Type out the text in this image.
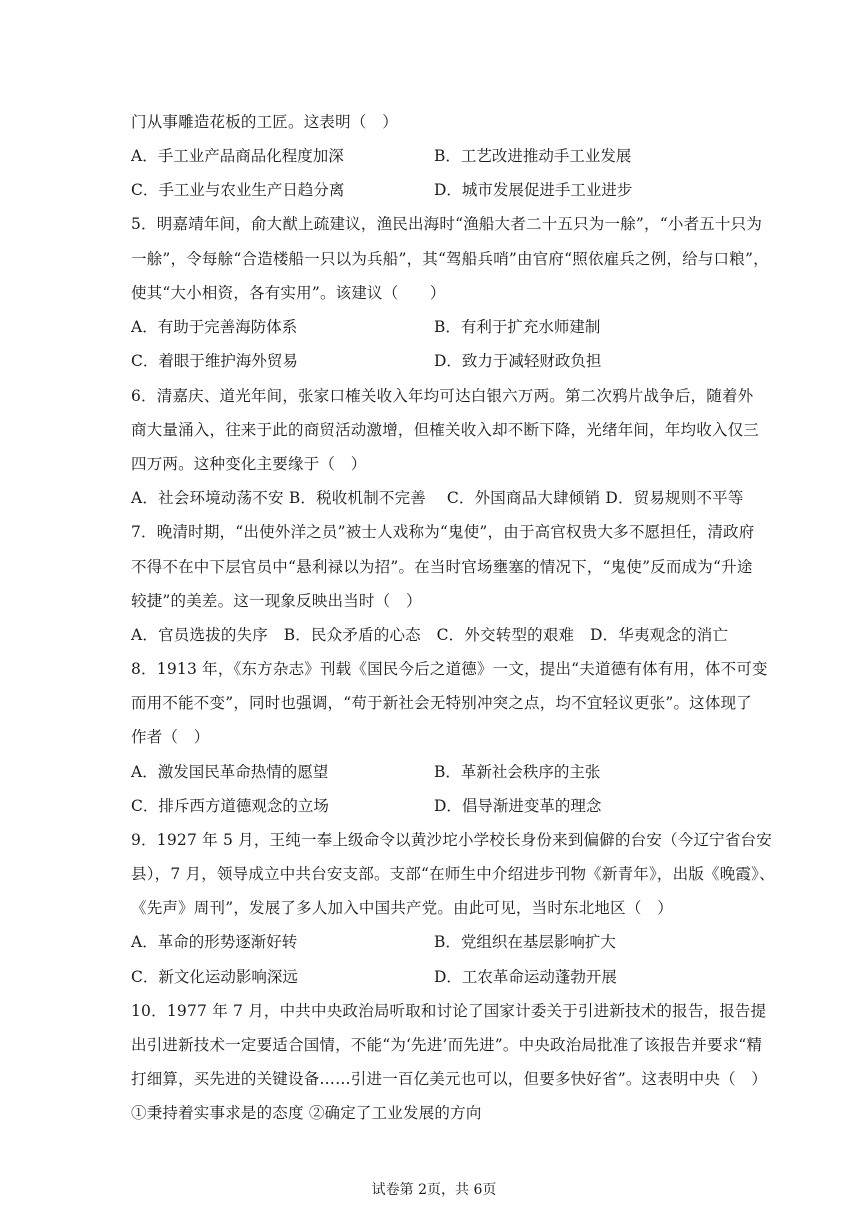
门从事雕造花板的工匠。这表明（　）
A．手工业产品商品化程度加深	B．工艺改进推动手工业发展
C．手工业与农业生产日趋分离	D．城市发展促进手工业进步
5．明嘉靖年间，俞大猷上疏建议，渔民出海时“渔船大者二十五只为一艅”，“小者五十只为
一艅”，令每艅“合造楼船一只以为兵船”，其“驾船兵哨”由官府“照依雇兵之例，给与口粮”，
使其“大小相资，各有实用”。该建议（　　）
A．有助于完善海防体系	B．有利于扩充水师建制
C．着眼于维护海外贸易	D．致力于减轻财政负担
6．清嘉庆、道光年间，张家口榷关收入年均可达白银六万两。第二次鸦片战争后，随着外
商大量涌入，往来于此的商贸活动激增，但榷关收入却不断下降，光绪年间，年均收入仅三
四万两。这种变化主要缘于（　）
A．社会环境动荡不安 B．税收机制不完善　 C．外国商品大肆倾销 D．贸易规则不平等
7．晚清时期，“出使外洋之员”被士人戏称为“鬼使”，由于高官权贵大多不愿担任，清政府
不得不在中下层官员中“悬利禄以为招”。在当时官场壅塞的情况下，“鬼使”反而成为“升途
较捷”的美差。这一现象反映出当时（　）
A．官员选拔的失序　B．民众矛盾的心态　C．外交转型的艰难　D．华夷观念的消亡
8．1913 年，《东方杂志》刊载《国民今后之道德》一文，提出“夫道德有体有用，体不可变
而用不能不变”，同时也强调，“苟于新社会无特别冲突之点，均不宜轻议更张”。这体现了
作者（　）
A．激发国民革命热情的愿望	B．革新社会秩序的主张
C．排斥西方道德观念的立场	D．倡导渐进变革的理念
9．1927 年 5 月，王纯一奉上级命令以黄沙坨小学校长身份来到偏僻的台安（今辽宁省台安
县），7 月，领导成立中共台安支部。支部“在师生中介绍进步刊物《新青年》，出版《晚霞》、
《先声》周刊”，发展了多人加入中国共产党。由此可见，当时东北地区（　）
A．革命的形势逐渐好转	B．党组织在基层影响扩大
C．新文化运动影响深远	D．工农革命运动蓬勃开展
10．1977 年 7 月，中共中央政治局听取和讨论了国家计委关于引进新技术的报告，报告提
出引进新技术一定要适合国情，不能“为‘先进’而先进”。中央政治局批准了该报告并要求“精
打细算，买先进的关键设备……引进一百亿美元也可以，但要多快好省”。这表明中央（　）
①秉持着实事求是的态度 ②确定了工业发展的方向
试卷第 2页，共 6页
